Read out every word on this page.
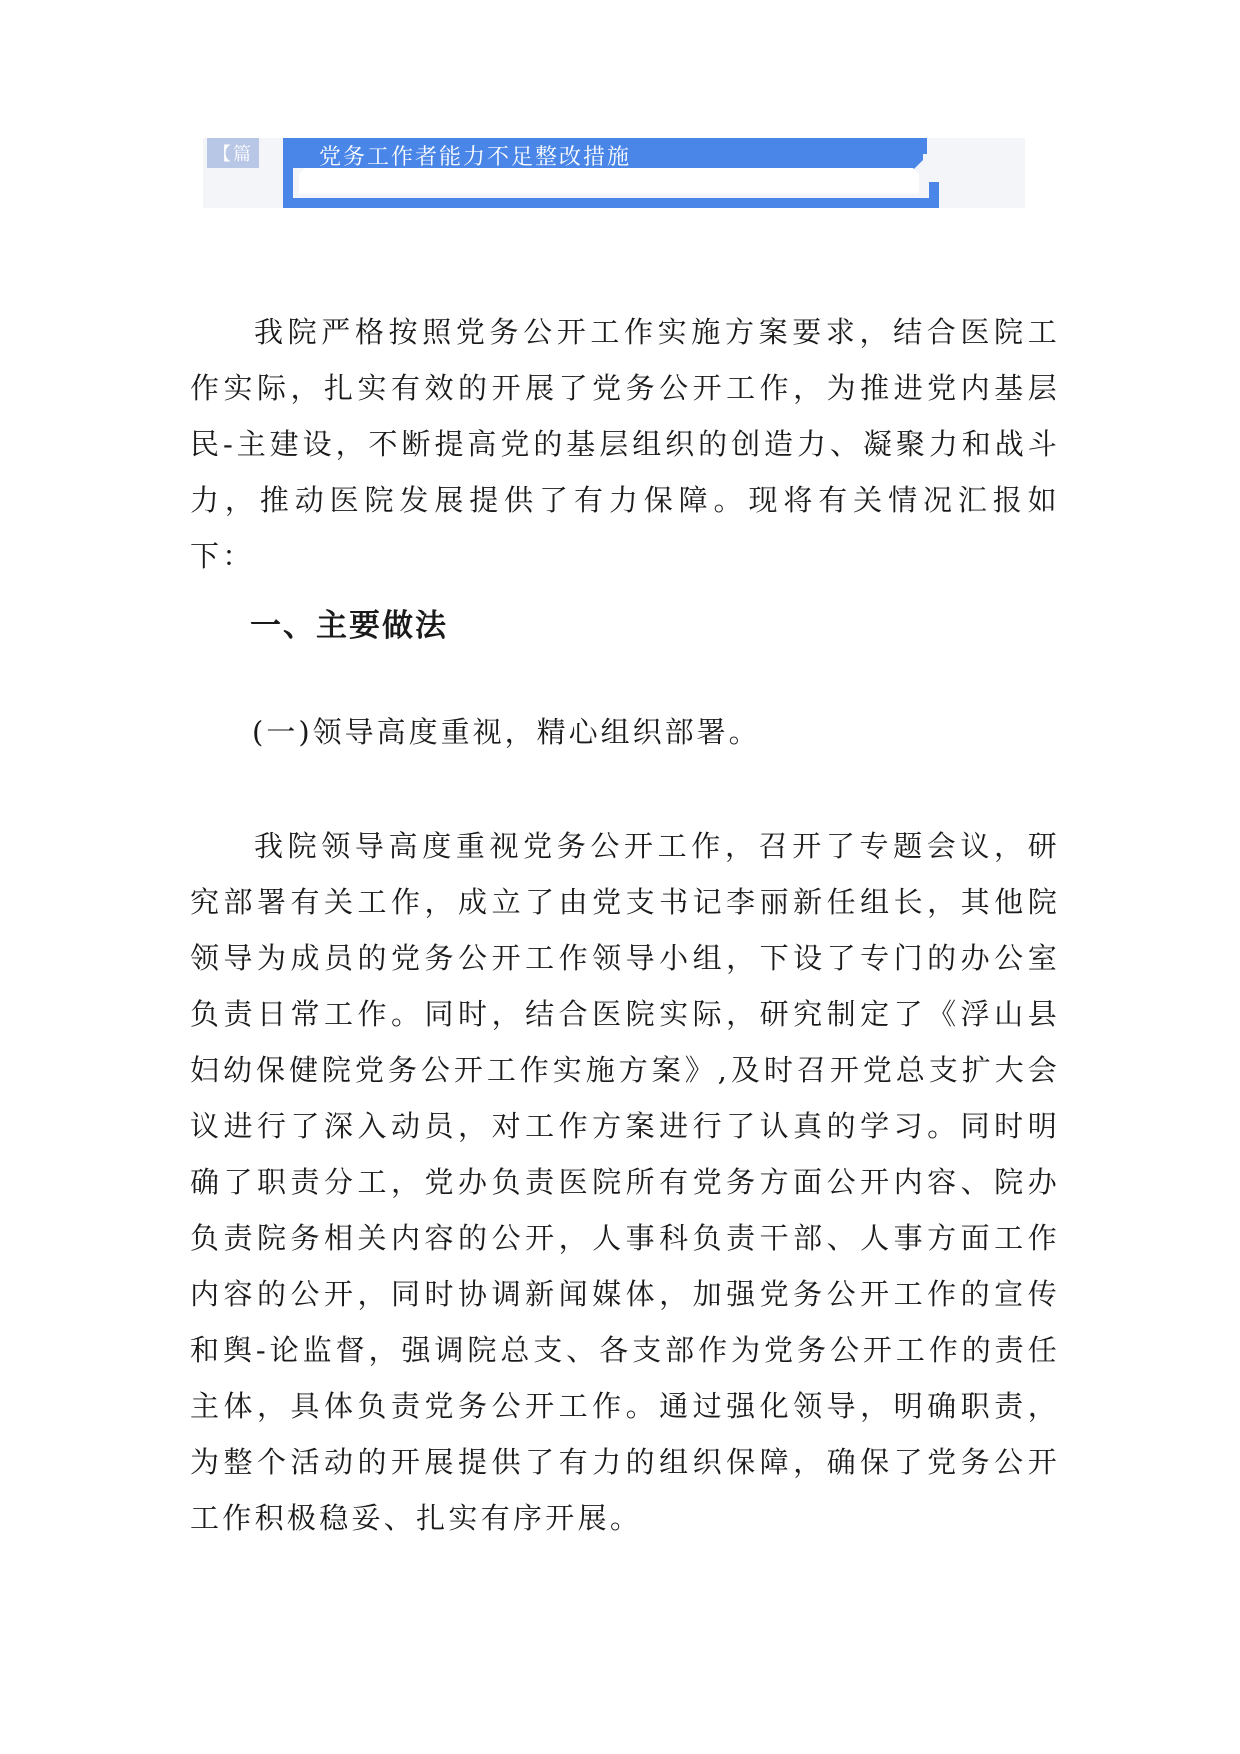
【篇	党务工作者能力不足整改措施

我院严格按照党务公开工作实施方案要求，结合医院工作实际，扎实有效的开展了党务公开工作，为推进党内基层民-主建设，不断提高党的基层组织的创造力、凝聚力和战斗力，推动医院发展提供了有力保障。现将有关情况汇报如下：

一、主要做法

(一)领导高度重视，精心组织部署。

我院领导高度重视党务公开工作，召开了专题会议，研究部署有关工作，成立了由党支书记李丽新任组长，其他院领导为成员的党务公开工作领导小组，下设了专门的办公室负责日常工作。同时，结合医院实际，研究制定了《浮山县妇幼保健院党务公开工作实施方案》,及时召开党总支扩大会议进行了深入动员，对工作方案进行了认真的学习。同时明确了职责分工，党办负责医院所有党务方面公开内容、院办负责院务相关内容的公开，人事科负责干部、人事方面工作内容的公开，同时协调新闻媒体，加强党务公开工作的宣传和舆-论监督，强调院总支、各支部作为党务公开工作的责任主体，具体负责党务公开工作。通过强化领导，明确职责，为整个活动的开展提供了有力的组织保障，确保了党务公开工作积极稳妥、扎实有序开展。
